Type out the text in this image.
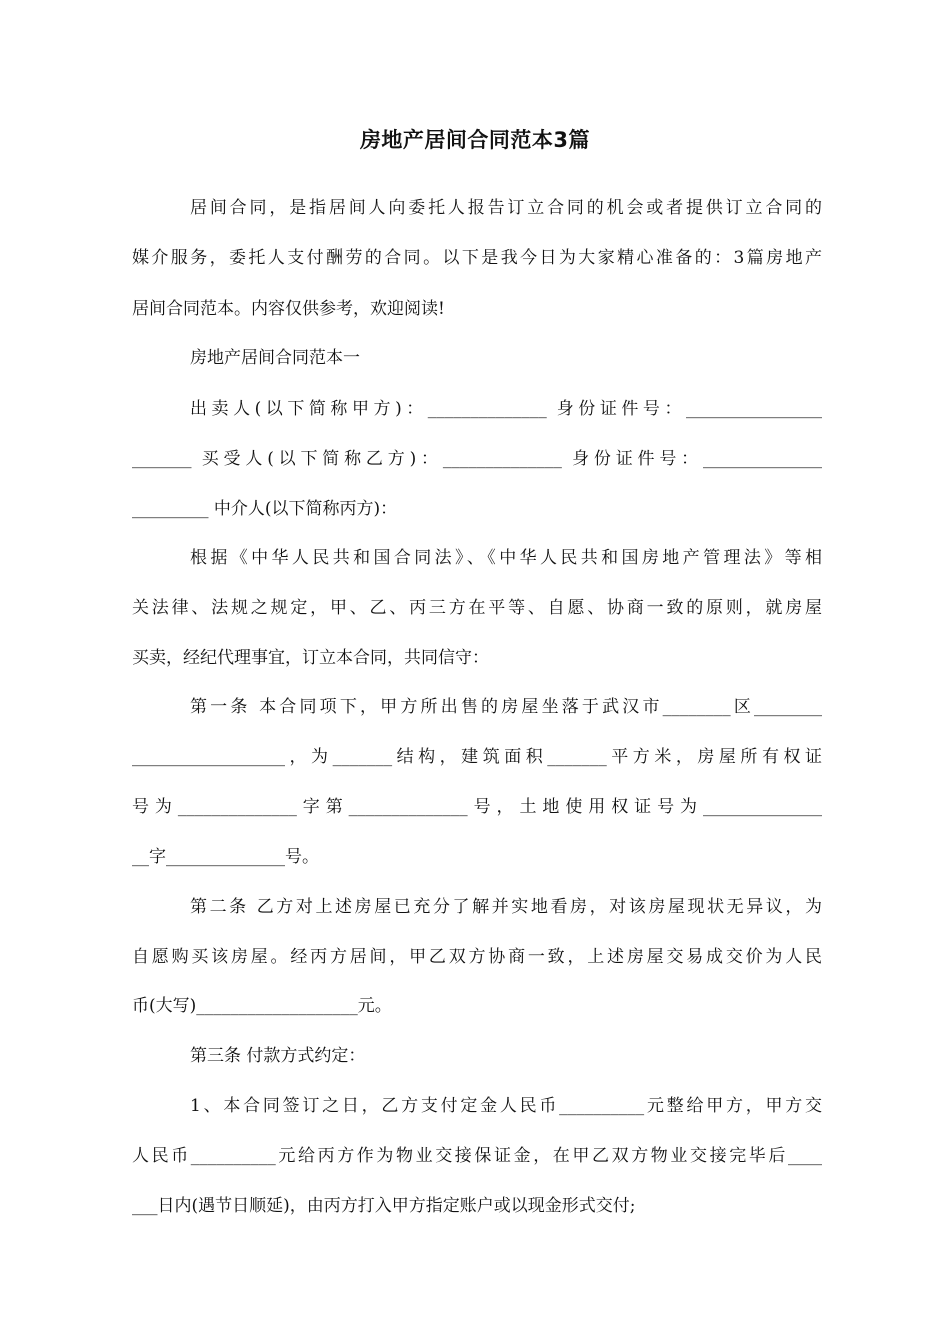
房地产居间合同范本3篇
居间合同，是指居间人向委托人报告订立合同的机会或者提供订立合同的
媒介服务，委托人支付酬劳的合同。以下是我今日为大家精心准备的：3篇房地产
居间合同范本。内容仅供参考，欢迎阅读!
房地产居间合同范本一
出卖人(以下简称甲方)：______________ 身份证件号：________________
_______ 买受人(以下简称乙方)：______________ 身份证件号：______________
_________ 中介人(以下简称丙方)：
根据《中华人民共和国合同法》、《中华人民共和国房地产管理法》等相
关法律、法规之规定，甲、乙、丙三方在平等、自愿、协商一致的原则，就房屋
买卖，经纪代理事宜，订立本合同，共同信守：
第一条 本合同项下，甲方所出售的房屋坐落于武汉市________区________
__________________，为_______结构，建筑面积_______平方米，房屋所有权证
号为______________字第______________号，土地使用权证号为______________
__字______________号。
第二条 乙方对上述房屋已充分了解并实地看房，对该房屋现状无异议，为
自愿购买该房屋。经丙方居间，甲乙双方协商一致，上述房屋交易成交价为人民
币(大写)___________________元。
第三条 付款方式约定：
1、本合同签订之日，乙方支付定金人民币__________元整给甲方，甲方交
人民币__________元给丙方作为物业交接保证金，在甲乙双方物业交接完毕后____
___日内(遇节日顺延)，由丙方打入甲方指定账户或以现金形式交付;
